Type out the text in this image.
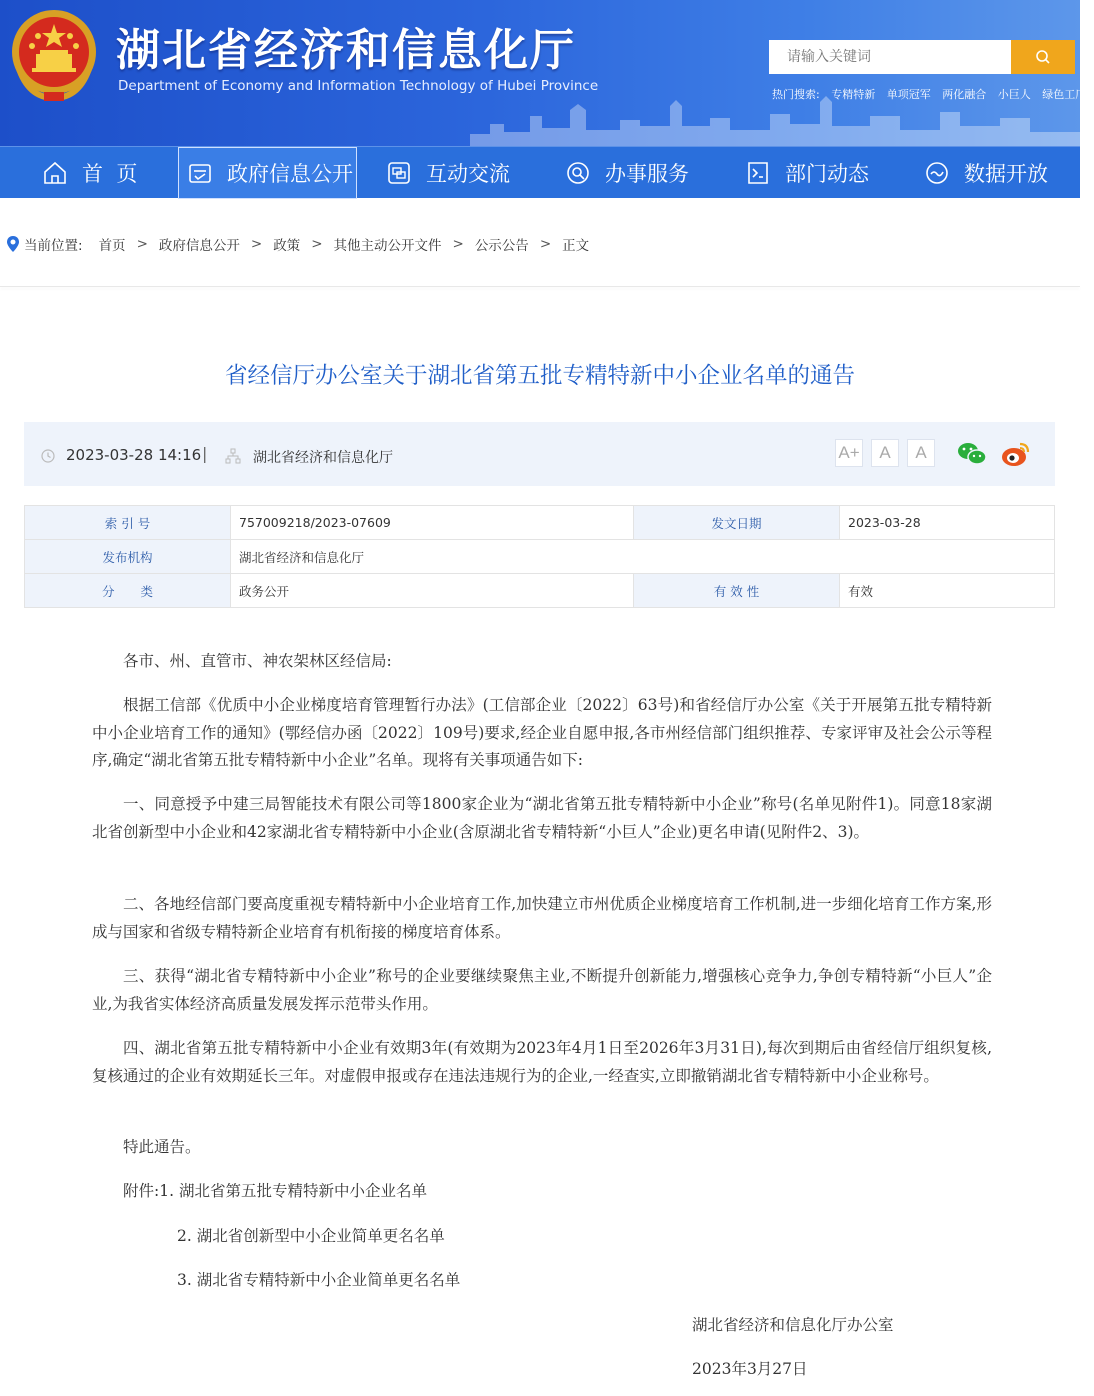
湖北省经济和信息化厅
Department of Economy and Information Technology of Hubei Province
请输入关键词
热门搜索: 专精特新 单项冠军 两化融合 小巨人 绿色工厂
首  页	政府信息公开	互动交流	办事服务	部门动态	数据开放
当前位置: 首页 > 政府信息公开 > 政策 > 其他主动公开文件 > 公示公告 > 正文
省经信厅办公室关于湖北省第五批专精特新中小企业名单的通告
2023-03-28 14:16 |	湖北省经济和信息化厅	A+ A A
索 引 号	757009218/2023-07609	发文日期	2023-03-28
发布机构	湖北省经济和信息化厅		
分 类	政务公开	有 效 性	有效

各市、州、直管市、神农架林区经信局:

根据工信部《优质中小企业梯度培育管理暂行办法》(工信部企业〔2022〕63号)和省经信厅办公室《关于开展第五批专精特新中小企业培育工作的通知》(鄂经信办函〔2022〕109号)要求,经企业自愿申报,各市州经信部门组织推荐、专家评审及社会公示等程序,确定“湖北省第五批专精特新中小企业”名单。现将有关事项通告如下:

一、同意授予中建三局智能技术有限公司等1800家企业为“湖北省第五批专精特新中小企业”称号(名单见附件1)。同意18家湖北省创新型中小企业和42家湖北省专精特新中小企业(含原湖北省专精特新“小巨人”企业)更名申请(见附件2、3)。

二、各地经信部门要高度重视专精特新中小企业培育工作,加快建立市州优质企业梯度培育工作机制,进一步细化培育工作方案,形成与国家和省级专精特新企业培育有机衔接的梯度培育体系。

三、获得“湖北省专精特新中小企业”称号的企业要继续聚焦主业,不断提升创新能力,增强核心竞争力,争创专精特新“小巨人”企业,为我省实体经济高质量发展发挥示范带头作用。

四、湖北省第五批专精特新中小企业有效期3年(有效期为2023年4月1日至2026年3月31日),每次到期后由省经信厅组织复核,复核通过的企业有效期延长三年。对虚假申报或存在违法违规行为的企业,一经查实,立即撤销湖北省专精特新中小企业称号。

特此通告。

附件:1. 湖北省第五批专精特新中小企业名单

2. 湖北省创新型中小企业简单更名名单

3. 湖北省专精特新中小企业简单更名名单

湖北省经济和信息化厅办公室

2023年3月27日
